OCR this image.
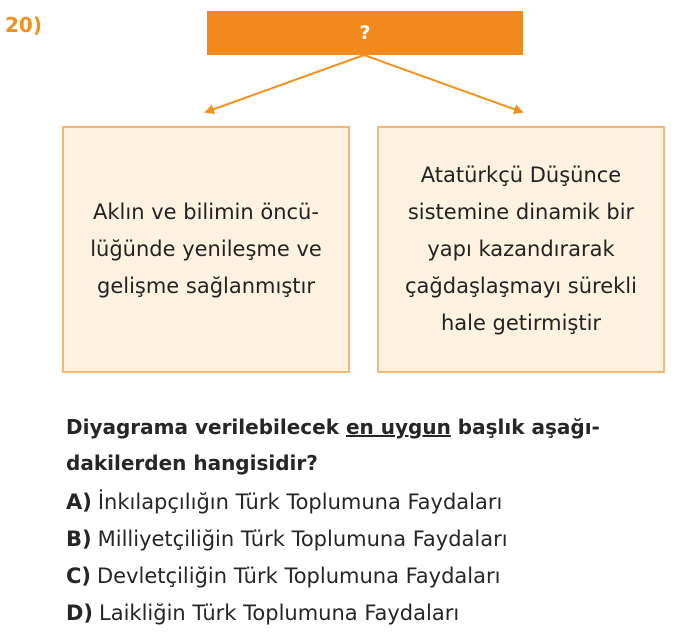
20)	?
Aklın ve bilimin öncü-
lüğünde yenileşme ve
gelişme sağlanmıştır
Atatürkçü Düşünce
sistemine dinamik bir
yapı kazandırarak
çağdaşlaşmayı sürekli
hale getirmiştir
Diyagrama verilebilecek en uygun başlık aşağı-dakilerden hangisidir?
A) İnkılapçılığın Türk Toplumuna Faydaları
B) Milliyetçiliğin Türk Toplumuna Faydaları
C) Devletçiliğin Türk Toplumuna Faydaları
D) Laikliğin Türk Toplumuna Faydaları
